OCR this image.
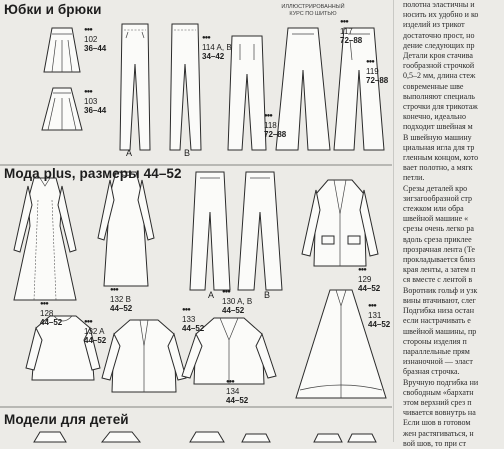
Юбки и брюки
Мода plus, размеры 44–52
Модели для детей
ИЛЛЮСТРИРОВАННЫЙ КУРС ПО ШИТЬЮ
●●●
102
36–44
●●●
103
36–44
●●●
114 A, B
34–42
A	B
●●●
118
72–88
●●●
117
72–88
●●●
119
72–88
●●●
128
44–52
●●●
132 B
44–52
A	B
●●●
130 A, B
44–52
●●●
129
44–52
●●●
132 A
44–52
●●●
133
44–52
●●●
134
44–52
●●●
131
44–52

полотна эластичны и

носить их удобно и ко

изделий из трикот

достаточно прост, но

дение следующих пр

Детали кроя стачива

гообразной строчкой

0,5–2 мм, длина стеж

современные шве

выполняют специаль

строчки для трикотаж

конечно, идеально

подходит швейная м

В швейную машину

циальная игла для тр

гленным концом, кото

вает полотно, а мягк

петли.

Срезы деталей кро

зигзагообразной стр

стежком или обра

швейной машине «

срезы очень легко ра

вдоль среза приклее

прозрачная лента (Те

прокладывается близ

края ленты, а затем п

ся вместе с лентой в

Воротник гольф и узк

вины втачивают, слег

Подгибка низа остан

если настрачивать е

швейной машины, пр

стороны изделия п

параллельные прям

изнаночной — эласт

бразная строчка.

Вручную подгибка ни

свободным «бархатн

этом верхний срез п

чивается вовнутрь на

Если шов в готовом

жен растягиваться, н

вой шов, то при ст
